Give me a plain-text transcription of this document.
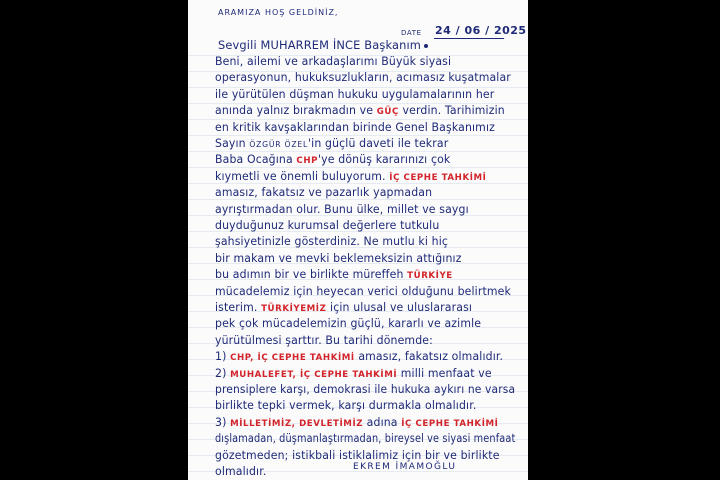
ARAMIZA HOŞ GELDİNİZ,
DATE 24 / 06 / 2025
Sevgili MUHARREM İNCE Başkanım
Beni, ailemi ve arkadaşlarımı Büyük siyasi
operasyonun, hukuksuzlukların, acımasız kuşatmalar
ile yürütülen düşman hukuku uygulamalarının her
anında yalnız bırakmadın ve GÜÇ verdin. Tarihimizin
en kritik kavşaklarından birinde Genel Başkanımız
Sayın ÖZGÜR ÖZEL'in güçlü daveti ile tekrar
Baba Ocağına CHP'ye dönüş kararınızı çok
kıymetli ve önemli buluyorum. İÇ CEPHE TAHKİMİ
amasız, fakatsız ve pazarlık yapmadan
ayrıştırmadan olur. Bunu ülke, millet ve saygı
duyduğunuz kurumsal değerlere tutkulu
şahsiyetinizle gösterdiniz. Ne mutlu ki hiç
bir makam ve mevki beklemeksizin attığınız
bu adımın bir ve birlikte müreffeh TÜRKİYE
mücadelemiz için heyecan verici olduğunu belirtmek
isterim. TÜRKİYEMİZ için ulusal ve uluslararası
pek çok mücadelemizin güçlü, kararlı ve azimle
yürütülmesi şarttır. Bu tarihi dönemde:
1) CHP, İÇ CEPHE TAHKİMİ amasız, fakatsız olmalıdır.
2) MUHALEFET, İÇ CEPHE TAHKİMİ milli menfaat ve
prensiplere karşı, demokrasi ile hukuka aykırı ne varsa
birlikte tepki vermek, karşı durmakla olmalıdır.
3) MİLLETİMİZ, DEVLETİMİZ adına İÇ CEPHE TAHKİMİ
dışlamadan, düşmanlaştırmadan, bireysel ve siyasi menfaat
gözetmeden; istikbali istiklalimiz için bir ve birlikte
olmalıdır.	EKREM İMAMOĞLU
